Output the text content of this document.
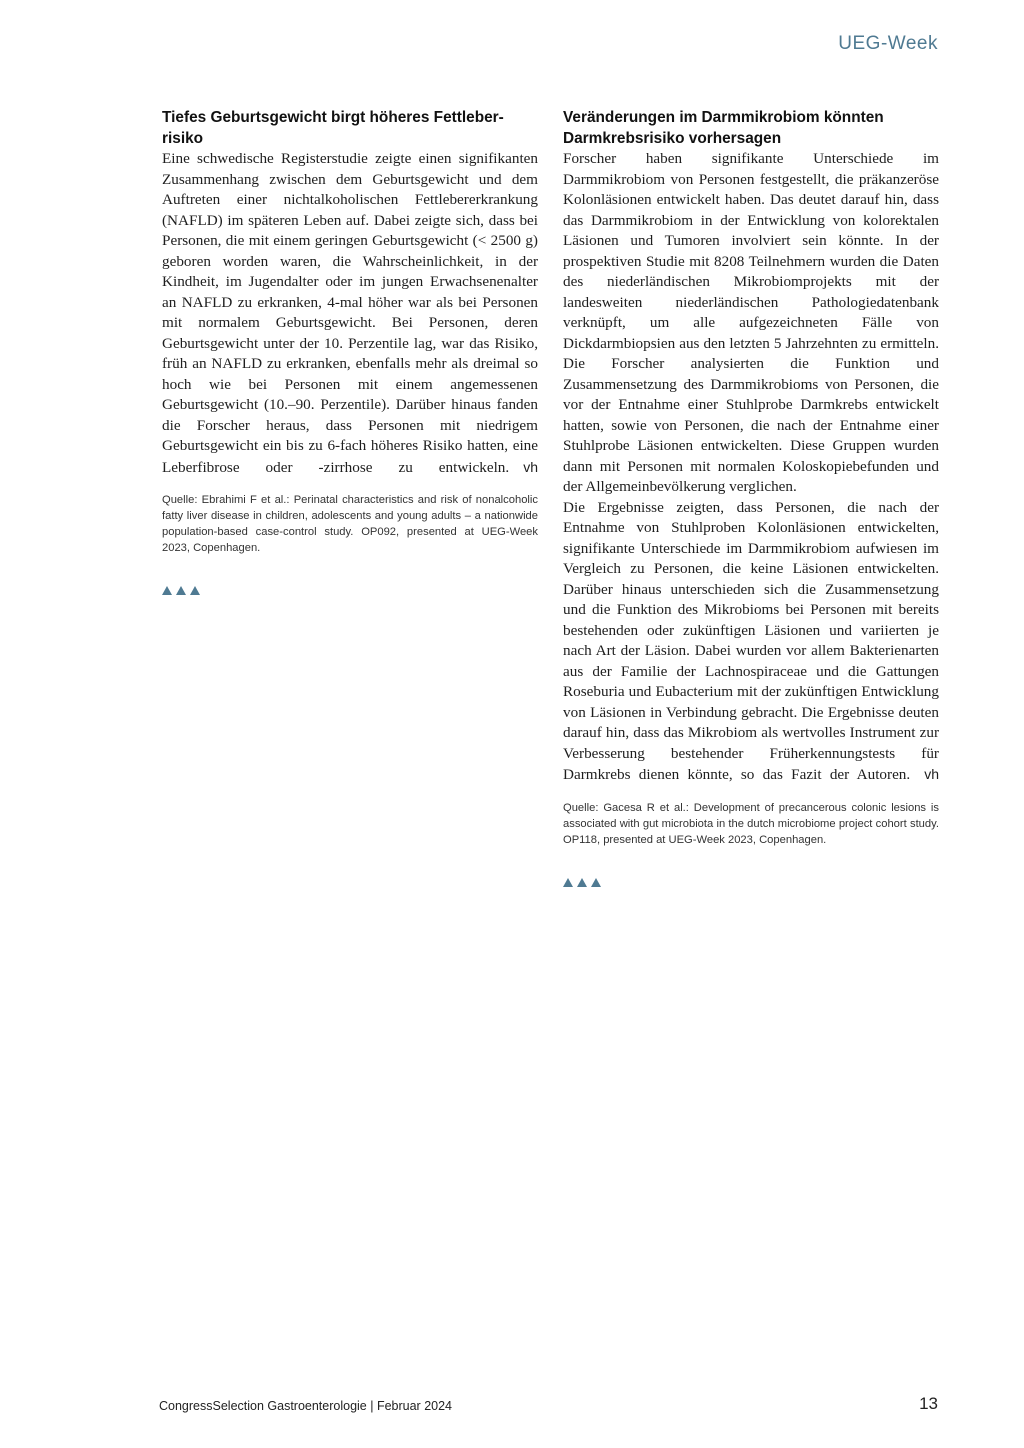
UEG-Week
Tiefes Geburtsgewicht birgt höheres Fettleber-risiko

Eine schwedische Registerstudie zeigte einen signifikanten Zusammenhang zwischen dem Geburtsgewicht und dem Auftreten einer nichtalkoholischen Fettlebererkrankung (NAFLD) im späteren Leben auf. Dabei zeigte sich, dass bei Personen, die mit einem geringen Geburtsgewicht (< 2500 g) geboren worden waren, die Wahrscheinlichkeit, in der Kindheit, im Jugendalter oder im jungen Erwachsenenalter an NAFLD zu erkranken, 4-mal höher war als bei Personen mit normalem Geburtsgewicht. Bei Personen, deren Geburtsgewicht unter der 10. Perzentile lag, war das Risiko, früh an NAFLD zu erkranken, ebenfalls mehr als dreimal so hoch wie bei Personen mit einem angemessenen Geburtsgewicht (10.–90. Perzentile). Darüber hinaus fanden die Forscher heraus, dass Personen mit niedrigem Geburtsgewicht ein bis zu 6-fach höheres Risiko hatten, eine Leberfibrose oder -zirrhose zu entwickeln. vh

Quelle: Ebrahimi F et al.: Perinatal characteristics and risk of nonalcoholic fatty liver disease in children, adolescents and young adults – a nationwide population-based case-control study. OP092, presented at UEG-Week 2023, Copenhagen.

Veränderungen im Darmmikrobiom könnten Darmkrebsrisiko vorhersagen

Forscher haben signifikante Unterschiede im Darmmikrobiom von Personen festgestellt, die präkanzeröse Kolonläsionen entwickelt haben. Das deutet darauf hin, dass das Darmmikrobiom in der Entwicklung von kolorektalen Läsionen und Tumoren involviert sein könnte. In der prospektiven Studie mit 8208 Teilnehmern wurden die Daten des niederländischen Mikrobiomprojekts mit der landesweiten niederländischen Pathologiedatenbank verknüpft, um alle aufgezeichneten Fälle von Dickdarmbiopsien aus den letzten 5 Jahrzehnten zu ermitteln. Die Forscher analysierten die Funktion und Zusammensetzung des Darmmikrobioms von Personen, die vor der Entnahme einer Stuhlprobe Darmkrebs entwickelt hatten, sowie von Personen, die nach der Entnahme einer Stuhlprobe Läsionen entwickelten. Diese Gruppen wurden dann mit Personen mit normalen Koloskopiebefunden und der Allgemeinbevölkerung verglichen.

Die Ergebnisse zeigten, dass Personen, die nach der Entnahme von Stuhlproben Kolonläsionen entwickelten, signifikante Unterschiede im Darmmikrobiom aufwiesen im Vergleich zu Personen, die keine Läsionen entwickelten. Darüber hinaus unterschieden sich die Zusammensetzung und die Funktion des Mikrobioms bei Personen mit bereits bestehenden oder zukünftigen Läsionen und variierten je nach Art der Läsion. Dabei wurden vor allem Bakterienarten aus der Familie der Lachnospiraceae und die Gattungen Roseburia und Eubacterium mit der zukünftigen Entwicklung von Läsionen in Verbindung gebracht. Die Ergebnisse deuten darauf hin, dass das Mikrobiom als wertvolles Instrument zur Verbesserung bestehender Früherkennungstests für Darmkrebs dienen könnte, so das Fazit der Autoren. vh

Quelle: Gacesa R et al.: Development of precancerous colonic lesions is associated with gut microbiota in the dutch microbiome project cohort study. OP118, presented at UEG-Week 2023, Copenhagen.

CongressSelection Gastroenterologie | Februar 2024	13
